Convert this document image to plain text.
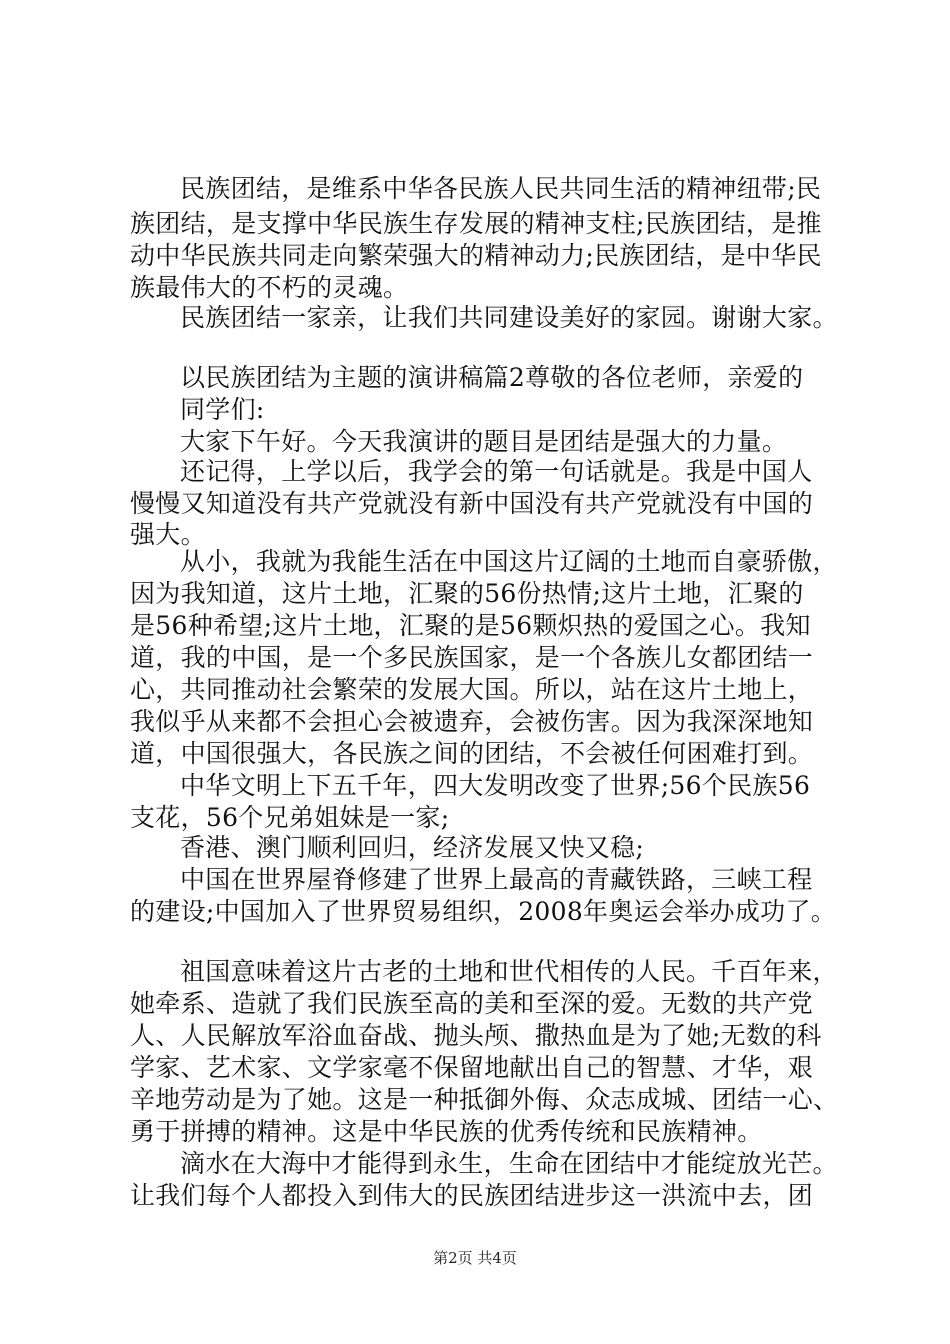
民族团结，是维系中华各民族人民共同生活的精神纽带;民
族团结，是支撑中华民族生存发展的精神支柱;民族团结，是推
动中华民族共同走向繁荣强大的精神动力;民族团结，是中华民
族最伟大的不朽的灵魂。
民族团结一家亲，让我们共同建设美好的家园。谢谢大家。
以民族团结为主题的演讲稿篇2尊敬的各位老师，亲爱的
同学们:
大家下午好。今天我演讲的题目是团结是强大的力量。
还记得，上学以后，我学会的第一句话就是。我是中国人
慢慢又知道没有共产党就没有新中国没有共产党就没有中国的
强大。
从小，我就为我能生活在中国这片辽阔的土地而自豪骄傲，
因为我知道，这片土地，汇聚的56份热情;这片土地，汇聚的
是56种希望;这片土地，汇聚的是56颗炽热的爱国之心。我知
道，我的中国，是一个多民族国家，是一个各族儿女都团结一
心，共同推动社会繁荣的发展大国。所以，站在这片土地上，
我似乎从来都不会担心会被遗弃，会被伤害。因为我深深地知
道，中国很强大，各民族之间的团结，不会被任何困难打到。
中华文明上下五千年，四大发明改变了世界;56个民族56
支花，56个兄弟姐妹是一家;
香港、澳门顺利回归，经济发展又快又稳;
中国在世界屋脊修建了世界上最高的青藏铁路，三峡工程
的建设;中国加入了世界贸易组织，2008年奥运会举办成功了。
祖国意味着这片古老的土地和世代相传的人民。千百年来，
她牵系、造就了我们民族至高的美和至深的爱。无数的共产党
人、人民解放军浴血奋战、抛头颅、撒热血是为了她;无数的科
学家、艺术家、文学家毫不保留地献出自己的智慧、才华，艰
辛地劳动是为了她。这是一种抵御外侮、众志成城、团结一心、
勇于拼搏的精神。这是中华民族的优秀传统和民族精神。
滴水在大海中才能得到永生，生命在团结中才能绽放光芒。
让我们每个人都投入到伟大的民族团结进步这一洪流中去，团
第2页 共4页
